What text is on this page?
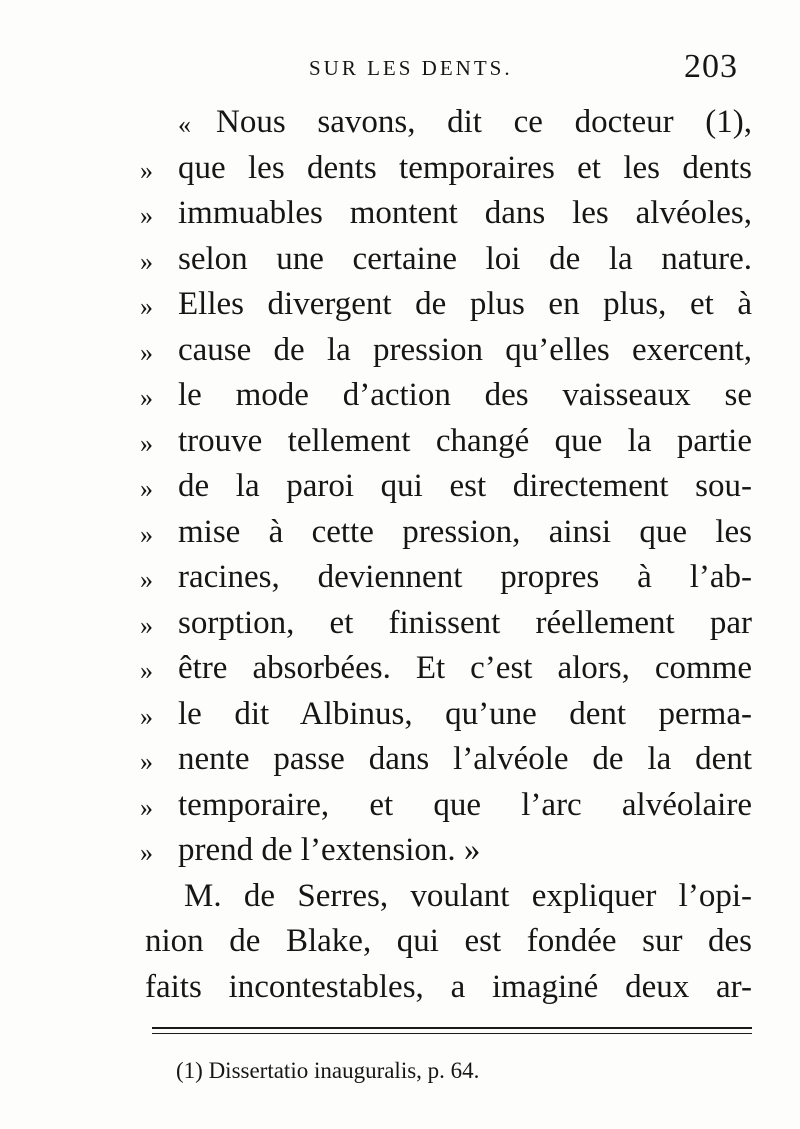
SUR LES DENTS.	203
« Nous savons, dit ce docteur (1),
» que les dents temporaires et les dents
» immuables montent dans les alvéoles,
» selon une certaine loi de la nature.
» Elles divergent de plus en plus, et à
» cause de la pression qu’elles exercent,
» le mode d’action des vaisseaux se
» trouve tellement changé que la partie
» de la paroi qui est directement sou-
» mise à cette pression, ainsi que les
» racines, deviennent propres à l’ab-
» sorption, et finissent réellement par
» être absorbées. Et c’est alors, comme
» le dit Albinus, qu’une dent perma-
» nente passe dans l’alvéole de la dent
» temporaire, et que l’arc alvéolaire
» prend de l’extension. »
M. de Serres, voulant expliquer l’opi-
nion de Blake, qui est fondée sur des
faits incontestables, a imaginé deux ar-
(1) Dissertatio inauguralis, p. 64.
